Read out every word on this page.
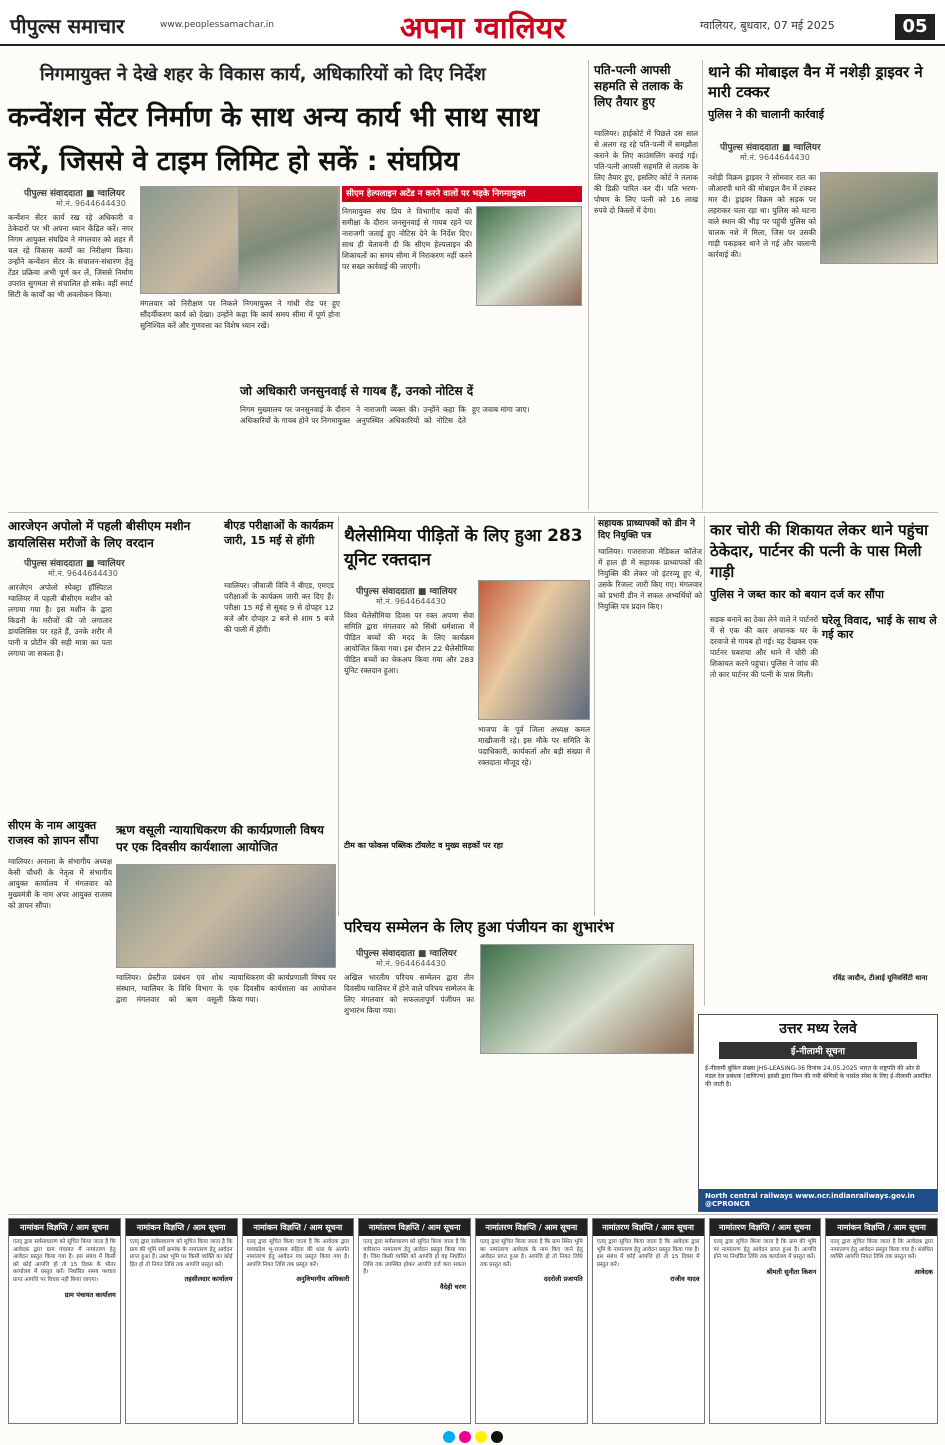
पीपुल्स समाचार	www.peoplessamachar.in	अपना ग्वालियर	ग्वालियर, बुधवार, 07 मई 2025	05
निगमायुक्त ने देखे शहर के विकास कार्य, अधिकारियों को दिए निर्देश
कन्वेंशन सेंटर निर्माण के साथ अन्य कार्य भी साथ साथ करें, जिससे वे टाइम लिमिट हो सकें : संघप्रिय
पीपुल्स संवाददाता ■ ग्वालियर
मो.नं. 9644644430
कन्वेंशन सेंटर कार्य रख रहे अधिकारी व ठेकेदारों पर भी अपना ध्यान केंद्रित करें। नगर निगम आयुक्त संघप्रिय ने मंगलवार को शहर में चल रहे विकास कार्यों का निरीक्षण किया। उन्होंने कन्वेंशन सेंटर के संचालन-संधारण हेतु टेंडर प्रक्रिया अभी पूर्ण कर लें, जिससे निर्माण उपरांत सुगमता से संचालित हो सके। वहीं स्मार्ट सिटी के कार्यों का भी अवलोकन किया।
मंगलवार को निरीक्षण पर निकले निगमायुक्त ने गांधी रोड पर हुए सौंदर्यीकरण कार्य को देखा। उन्होंने कहा कि कार्य समय सीमा में पूर्ण होना सुनिश्चित करें और गुणवत्ता का विशेष ध्यान रखें।
सीएम हेल्पलाइन अटेंड न करने वालों पर भड़के निगमायुक्त
निगमायुक्त संघ प्रिय ने विभागीय कार्यों की समीक्षा के दौरान जनसुनवाई से गायब रहने पर नाराजगी जताई हुए नोटिस देने के निर्देश दिए। साथ ही चेतावनी दी कि सीएम हेल्पलाइन की शिकायतों का समय सीमा में निराकरण नहीं करने पर सख्त कार्रवाई की जाएगी।
जो अधिकारी जनसुनवाई से गायब हैं, उनको नोटिस दें
निगम मुख्यालय पर जनसुनवाई के दौरान अधिकारियों के गायब होने पर निगमायुक्त ने नाराजगी व्यक्त की। उन्होंने कहा कि अनुपस्थित अधिकारियों को नोटिस देते हुए जवाब मांगा जाए।
पति-पत्नी आपसी सहमति से तलाक के लिए तैयार हुए
ग्वालियर। हाईकोर्ट में पिछले दस साल से अलग रह रहे पति-पत्नी में समझौता कराने के लिए काउंसलिंग कराई गई। पति-पत्नी आपसी सहमति से तलाक के लिए तैयार हुए, इसलिए कोर्ट ने तलाक की डिक्री पारित कर दी। पति भरण-पोषण के लिए पत्नी को 16 लाख रुपये दो किस्तों में देगा।
थाने की मोबाइल वैन में नशेड़ी ड्राइवर ने मारी टक्कर
पुलिस ने की चालानी कार्रवाई
पीपुल्स संवाददाता ■ ग्वालियर
मो.नं. 9644644430
नशेड़ी विक्रम ड्राइवर ने सोमवार रात का जौआरपी थाने की मोबाइल वैन में टक्कर मार दी। ड्राइवर विक्रम को सड़क पर लहराकर चला रहा था। पुलिस को घटना वाले स्थान की भीड़ पर पहुंची पुलिस को चालक नशे में मिला, जिस पर उसकी गाड़ी पकड़कर थाने ले गई और चालानी कार्रवाई की।
आरजेएन अपोलो में पहली बीसीएम मशीन डायलिसिस मरीजों के लिए वरदान
पीपुल्स संवाददाता ■ ग्वालियर
मो.नं. 9644644430
आरजेएन अपोलो स्पेक्ट्रा हॉस्पिटल ग्वालियर में पहली बीसीएम मशीन को लगाया गया है। इस मशीन के द्वारा किडनी के मरीजों की जो लगातार डायलिसिस पर रहते हैं, उनके शरीर में पानी व प्रोटीन की सही मात्रा का पता लगाया जा सकता है।
बीएड परीक्षाओं के कार्यक्रम जारी, 15 मई से होंगी
ग्वालियर। जीवाजी विवि ने बीएड, एमएड परीक्षाओं के कार्यक्रम जारी कर दिए हैं। परीक्षा 15 मई से सुबह 9 से दोपहर 12 बजे और दोपहर 2 बजे से शाम 5 बजे की पाली में होंगी।
थैलेसीमिया पीड़ितों के लिए हुआ 283 यूनिट रक्तदान
पीपुल्स संवाददाता ■ ग्वालियर
मो.नं. 9644644430
विश्व थैलेसीमिया दिवस पर रक्त अपणा सेवा समिति द्वारा मंगलवार को सिंधी धर्मशाला में पीड़ित बच्चों की मदद के लिए कार्यक्रम आयोजित किया गया। इस दौरान 22 थैलेसीमिया पीड़ित बच्चों का चेकअप किया गया और 283 यूनिट रक्तदान हुआ।
भाजपा के पूर्व जिला अध्यक्ष कमल माखीजानी रहे। इस मौके पर समिति के पदाधिकारी, कार्यकर्ता और बड़ी संख्या में रक्तदाता मौजूद रहे।
टीम का फोकस पब्लिक टॉयलेट व मुख्य सड़कों पर रहा
सहायक प्राध्यापकों को डीन ने दिए नियुक्ति पत्र
ग्वालियर। गजराराजा मेडिकल कॉलेज में हाल ही में सहायक प्राध्यापकों की नियुक्ति की लेकर जो इंटरव्यू हुए थे, उसके रिजल्ट जारी किए गए। मंगलवार को प्रभारी डीन ने सफल अभ्यर्थियों को नियुक्ति पत्र प्रदान किए।
कार चोरी की शिकायत लेकर थाने पहुंचा ठेकेदार, पार्टनर की पत्नी के पास मिली गाड़ी
पुलिस ने जब्त कार को बयान दर्ज कर सौंपा
घरेलू विवाद, भाई के साथ ले गई कार
सड़क बनाने का ठेका लेने वाले ने पार्टनरों में से एक की कार अचानक घर के दरवाजे से गायब हो गई। यह देखकर एक पार्टनर घबराया और थाने में चोरी की शिकायत करने पहुंचा। पुलिस ने जांच की तो कार पार्टनर की पत्नी के पास मिली।
रविंद्र जादौन, टीआई यूनिवर्सिटी थाना
सीएम के नाम आयुक्त राजस्व को ज्ञापन सौंपा
ग्वालियर। अनाला के संभागीय अध्यक्ष केसी चौधरी के नेतृत्व में संभागीय आयुक्त कार्यालय में मंगलवार को मुख्यमंत्री के नाम अपर आयुक्त राजस्व को ज्ञापन सौंपा।
ऋण वसूली न्यायाधिकरण की कार्यप्रणाली विषय पर एक दिवसीय कार्यशाला आयोजित
ग्वालियर। प्रेस्टीज प्रबंधन एवं शोध संस्थान, ग्वालियर के विधि विभाग के द्वारा मंगलवार को ऋण वसूली न्यायाधिकरण की कार्यप्रणाली विषय पर एक दिवसीय कार्यशाला का आयोजन किया गया।
परिचय सम्मेलन के लिए हुआ पंजीयन का शुभारंभ
पीपुल्स संवाददाता ■ ग्वालियर
मो.नं. 9644644430
अखिल भारतीय परिचय सम्मेलन द्वारा तीन दिवसीय ग्वालियर में होने वाले परिचय सम्मेलन के लिए मंगलवार को सफलतापूर्ण पंजीयन का शुभारंभ किया गया।
उत्तर मध्य रेलवे
ई-नीलामी सूचना
ई-नीलामी बुकिंग संख्या JHS-LEASING-36 दिनांक 24.05.2025 भारत के राष्ट्रपति की ओर से मंडल रेल प्रबंधक (वाणिज्य) झांसी द्वारा निम्न की गयी श्रेणियों के पार्सल स्पेस के लिए ई-नीलामी आमंत्रित की जाती है।
North central railways www.ncr.indianrailways.gov.in @CPRONCR
नामांकन विज्ञप्ति / आम सूचना
एतद् द्वारा सर्वसाधारण को सूचित किया जाता है कि आवेदक द्वारा ग्राम पंचायत में नामांतरण हेतु आवेदन प्रस्तुत किया गया है। इस संबंध में किसी को कोई आपत्ति हो तो 15 दिवस के भीतर कार्यालय में प्रस्तुत करें। निर्धारित समय पश्चात प्राप्त आपत्ति पर विचार नहीं किया जाएगा।
ग्राम पंचायत कार्यालय
नामांकन विज्ञप्ति / आम सूचना
एतद् द्वारा सर्वसाधारण को सूचित किया जाता है कि ग्राम की भूमि सर्वे क्रमांक के नामांतरण हेतु आवेदन प्राप्त हुआ है। उक्त भूमि पर किसी व्यक्ति का कोई हित हो तो नियत तिथि तक आपत्ति प्रस्तुत करें।
तहसीलदार कार्यालय
नामांकन विज्ञप्ति / आम सूचना
एतद् द्वारा सूचित किया जाता है कि आवेदक द्वारा मध्यप्रदेश भू-राजस्व संहिता की धारा के अंतर्गत नामांतरण हेतु आवेदन पत्र प्रस्तुत किया गया है। आपत्ति नियत तिथि तक प्रस्तुत करें।
अनुविभागीय अधिकारी
नामांतरण विज्ञप्ति / आम सूचना
एतद् द्वारा सर्वसाधारण को सूचित किया जाता है कि वारिसान नामांतरण हेतु आवेदन प्रस्तुत किया गया है। जिस किसी व्यक्ति को आपत्ति हो वह निर्धारित तिथि तक उपस्थित होकर आपत्ति दर्ज करा सकता है।
वैदेही चरण
नामांतरण विज्ञप्ति / आम सूचना
एतद् द्वारा सूचित किया जाता है कि ग्राम स्थित भूमि का नामांतरण आवेदक के नाम किए जाने हेतु आवेदन प्राप्त हुआ है। आपत्ति हो तो नियत तिथि तक प्रस्तुत करें।
ददरोली प्रजापति
नामांतरण विज्ञप्ति / आम सूचना
एतद् द्वारा सूचित किया जाता है कि आवेदक द्वारा भूमि के नामांतरण हेतु आवेदन प्रस्तुत किया गया है। इस संबंध में कोई आपत्ति हो तो 15 दिवस में प्रस्तुत करें।
राजीव यादव
नामांतरण विज्ञप्ति / आम सूचना
एतद् द्वारा सूचित किया जाता है कि ग्राम की भूमि पर नामांतरण हेतु आवेदन प्राप्त हुआ है। आपत्ति होने पर निर्धारित तिथि तक कार्यालय में प्रस्तुत करें।
श्रीमती सुनीता किशन
नामांकन विज्ञप्ति / आम सूचना
एतद् द्वारा सूचित किया जाता है कि आवेदक द्वारा नामांतरण हेतु आवेदन प्रस्तुत किया गया है। संबंधित व्यक्ति आपत्ति नियत तिथि तक प्रस्तुत करें।
आवेदक
